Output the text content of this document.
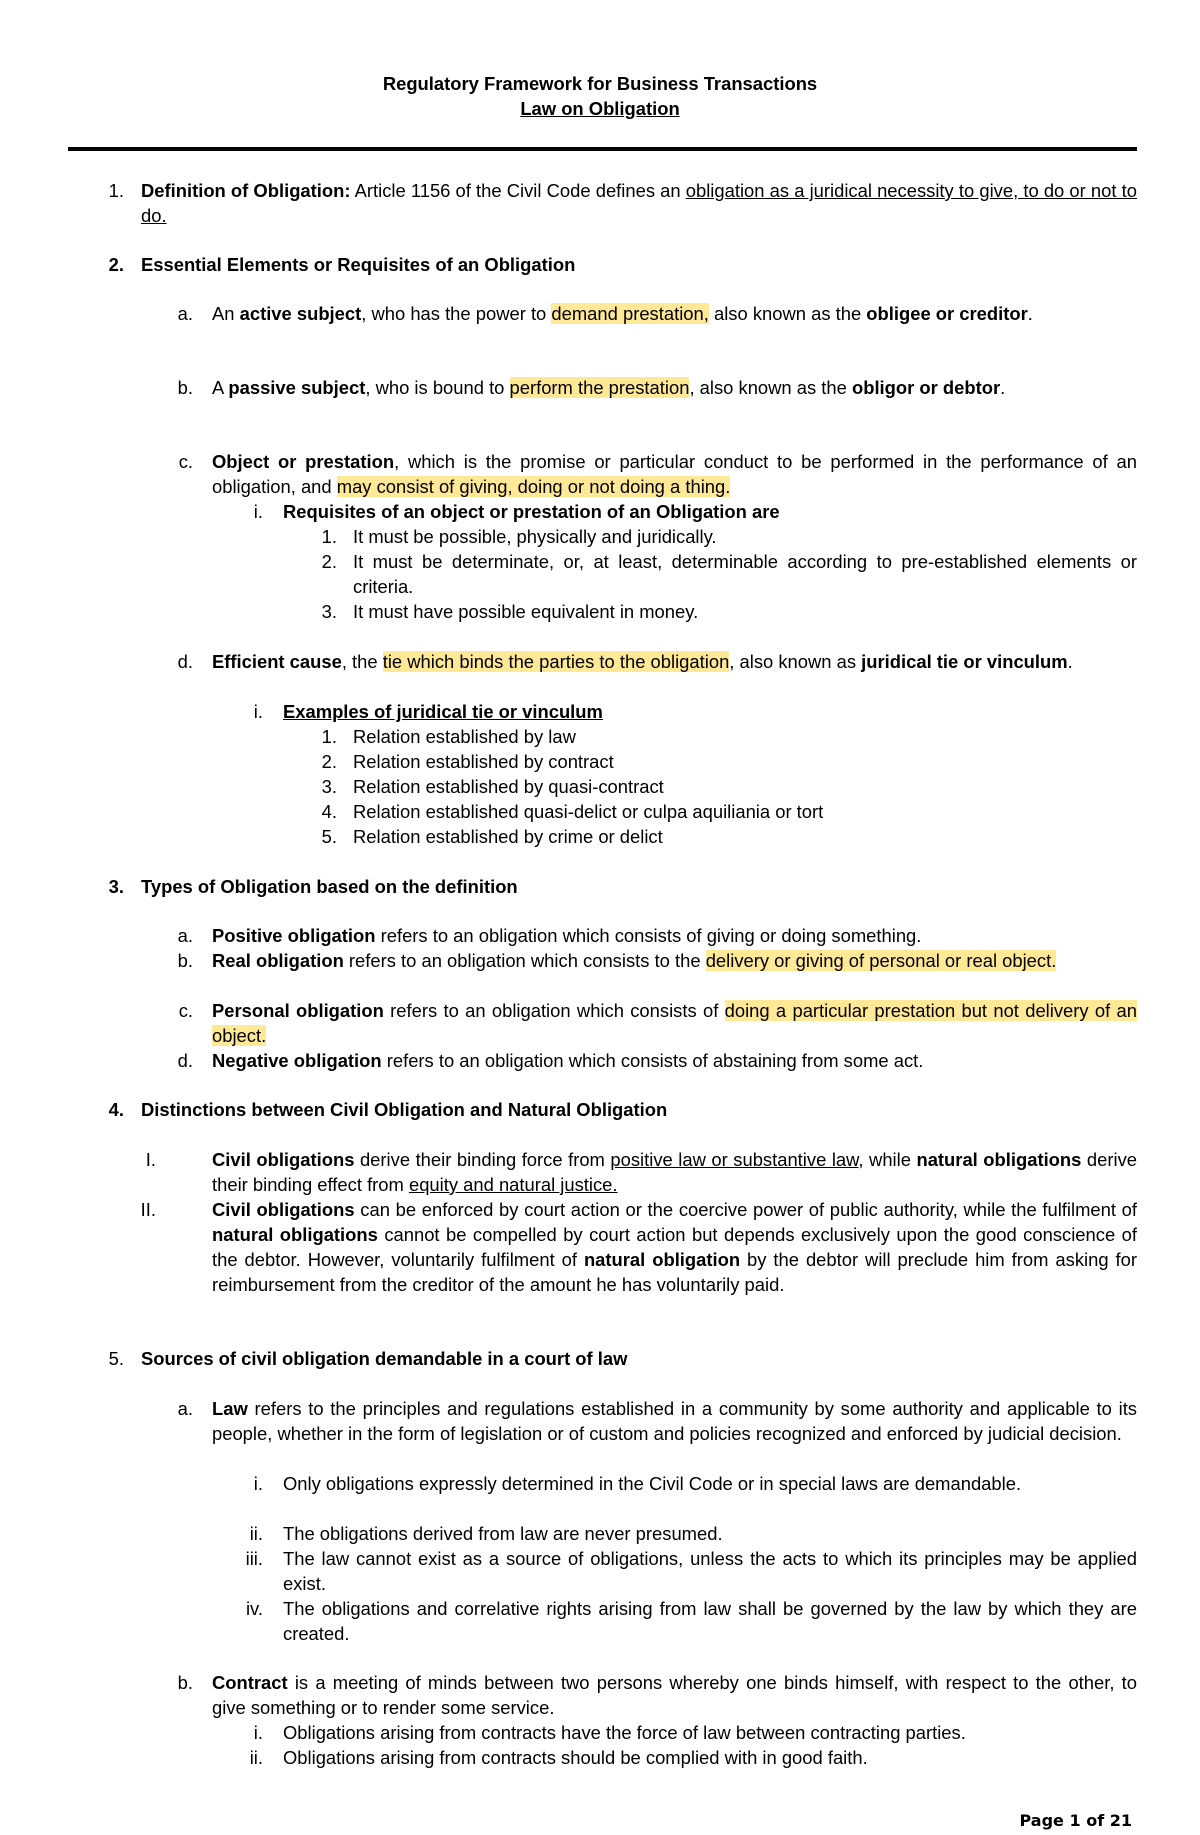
Regulatory Framework for Business Transactions
Law on Obligation
1. Definition of Obligation: Article 1156 of the Civil Code defines an obligation as a juridical necessity to give, to do or not to do.
2. Essential Elements or Requisites of an Obligation
a. An active subject, who has the power to demand prestation, also known as the obligee or creditor.
b. A passive subject, who is bound to perform the prestation, also known as the obligor or debtor.
c. Object or prestation, which is the promise or particular conduct to be performed in the performance of an obligation, and may consist of giving, doing or not doing a thing.
i. Requisites of an object or prestation of an Obligation are
1. It must be possible, physically and juridically.
2. It must be determinate, or, at least, determinable according to pre-established elements or criteria.
3. It must have possible equivalent in money.
d. Efficient cause, the tie which binds the parties to the obligation, also known as juridical tie or vinculum.
i. Examples of juridical tie or vinculum
1. Relation established by law
2. Relation established by contract
3. Relation established by quasi-contract
4. Relation established quasi-delict or culpa aquiliania or tort
5. Relation established by crime or delict
3. Types of Obligation based on the definition
a. Positive obligation refers to an obligation which consists of giving or doing something.
b. Real obligation refers to an obligation which consists to the delivery or giving of personal or real object.
c. Personal obligation refers to an obligation which consists of doing a particular prestation but not delivery of an object.
d. Negative obligation refers to an obligation which consists of abstaining from some act.
4. Distinctions between Civil Obligation and Natural Obligation
I.	Civil obligations derive their binding force from positive law or substantive law, while natural obligations derive their binding effect from equity and natural justice.
II.	Civil obligations can be enforced by court action or the coercive power of public authority, while the fulfilment of natural obligations cannot be compelled by court action but depends exclusively upon the good conscience of the debtor. However, voluntarily fulfilment of natural obligation by the debtor will preclude him from asking for reimbursement from the creditor of the amount he has voluntarily paid.
5. Sources of civil obligation demandable in a court of law
a. Law refers to the principles and regulations established in a community by some authority and applicable to its people, whether in the form of legislation or of custom and policies recognized and enforced by judicial decision.
i. Only obligations expressly determined in the Civil Code or in special laws are demandable.
ii. The obligations derived from law are never presumed.
iii. The law cannot exist as a source of obligations, unless the acts to which its principles may be applied exist.
iv. The obligations and correlative rights arising from law shall be governed by the law by which they are created.
b. Contract is a meeting of minds between two persons whereby one binds himself, with respect to the other, to give something or to render some service.
i. Obligations arising from contracts have the force of law between contracting parties.
ii. Obligations arising from contracts should be complied with in good faith.
Page 1 of 21
